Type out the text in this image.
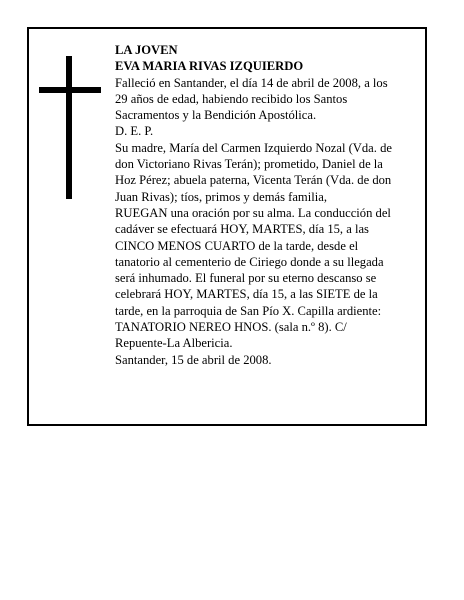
LA JOVEN
EVA MARIA RIVAS IZQUIERDO
Falleció en Santander, el día 14 de abril de 2008, a los
29 años de edad, habiendo recibido los Santos
Sacramentos y la Bendición Apostólica.
D. E. P.
Su madre, María del Carmen Izquierdo Nozal (Vda. de
don Victoriano Rivas Terán); prometido, Daniel de la
Hoz Pérez; abuela paterna, Vicenta Terán (Vda. de don
Juan Rivas); tíos, primos y demás familia,
RUEGAN una oración por su alma. La conducción del
cadáver se efectuará HOY, MARTES, día 15, a las
CINCO MENOS CUARTO de la tarde, desde el
tanatorio al cementerio de Ciriego donde a su llegada
será inhumado. El funeral por su eterno descanso se
celebrará HOY, MARTES, día 15, a las SIETE de la
tarde, en la parroquia de San Pío X. Capilla ardiente:
TANATORIO NEREO HNOS. (sala n.º 8). C/
Repuente-La Albericia.
Santander, 15 de abril de 2008.
